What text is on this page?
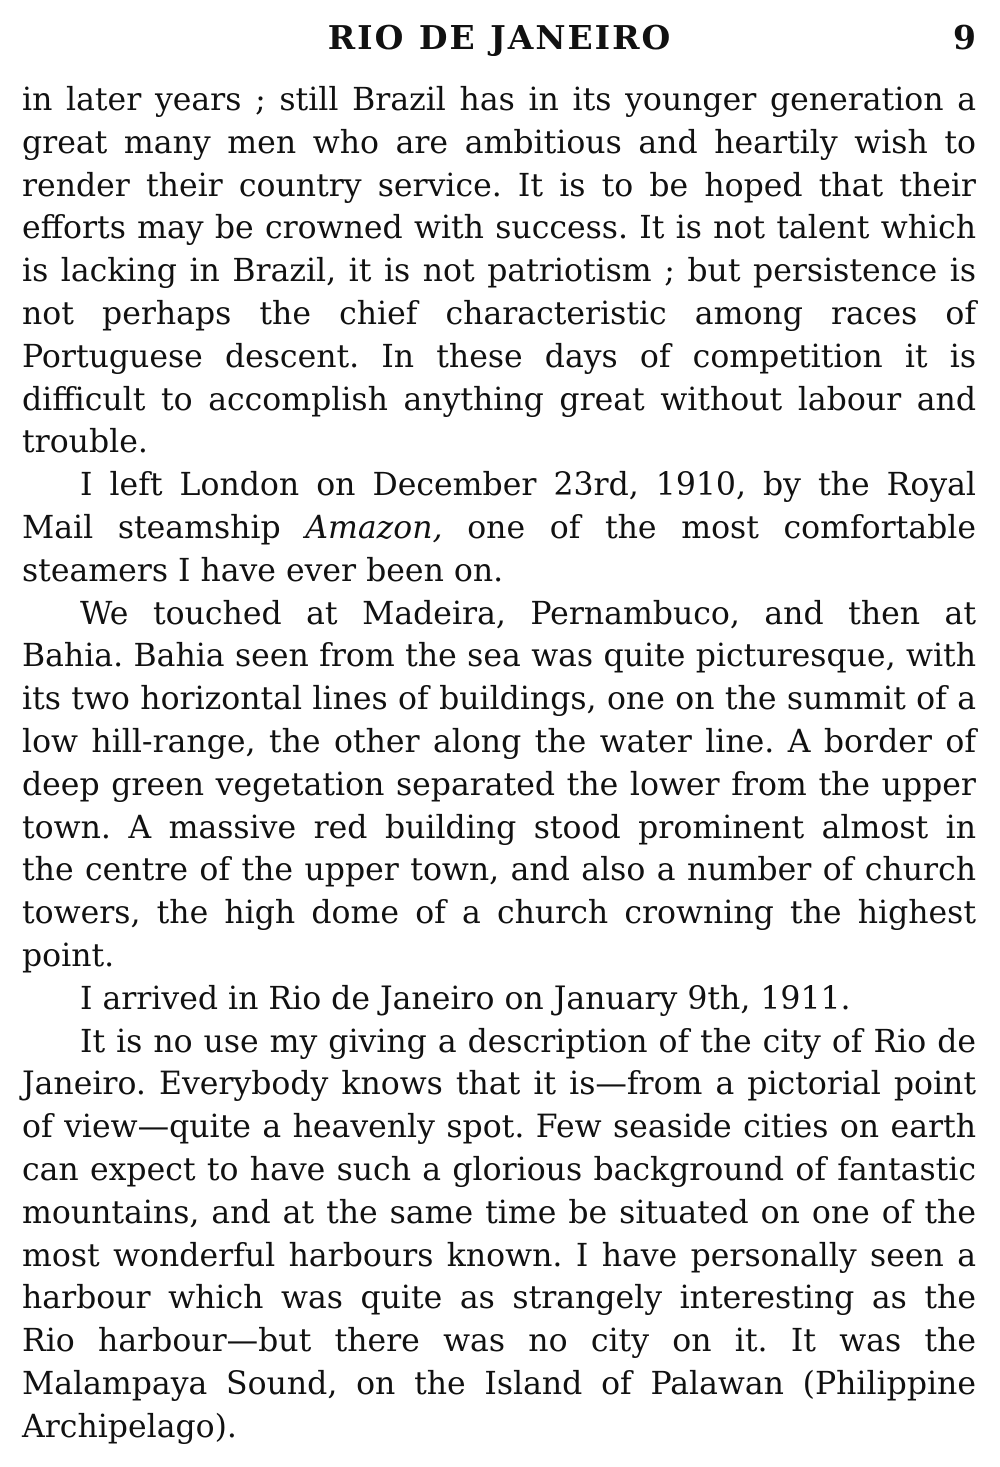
RIO DE JANEIRO	9

in later years ; still Brazil has in its younger generation a great many men who are ambitious and heartily wish to render their country service. It is to be hoped that their efforts may be crowned with success. It is not talent which is lacking in Brazil, it is not patriotism ; but persistence is not perhaps the chief characteristic among races of Portuguese descent. In these days of competition it is difficult to accomplish anything great without labour and trouble.

I left London on December 23rd, 1910, by the Royal Mail steamship Amazon, one of the most comfortable steamers I have ever been on.

We touched at Madeira, Pernambuco, and then at Bahia. Bahia seen from the sea was quite picturesque, with its two horizontal lines of buildings, one on the summit of a low hill-range, the other along the water line. A border of deep green vegetation separated the lower from the upper town. A massive red building stood prominent almost in the centre of the upper town, and also a number of church towers, the high dome of a church crowning the highest point.

I arrived in Rio de Janeiro on January 9th, 1911.

It is no use my giving a description of the city of Rio de Janeiro. Everybody knows that it is—from a pictorial point of view—quite a heavenly spot. Few seaside cities on earth can expect to have such a glorious background of fantastic mountains, and at the same time be situated on one of the most wonderful harbours known. I have personally seen a harbour which was quite as strangely interesting as the Rio harbour—but there was no city on it. It was the Malampaya Sound, on the Island of Palawan (Philippine Archipelago).
